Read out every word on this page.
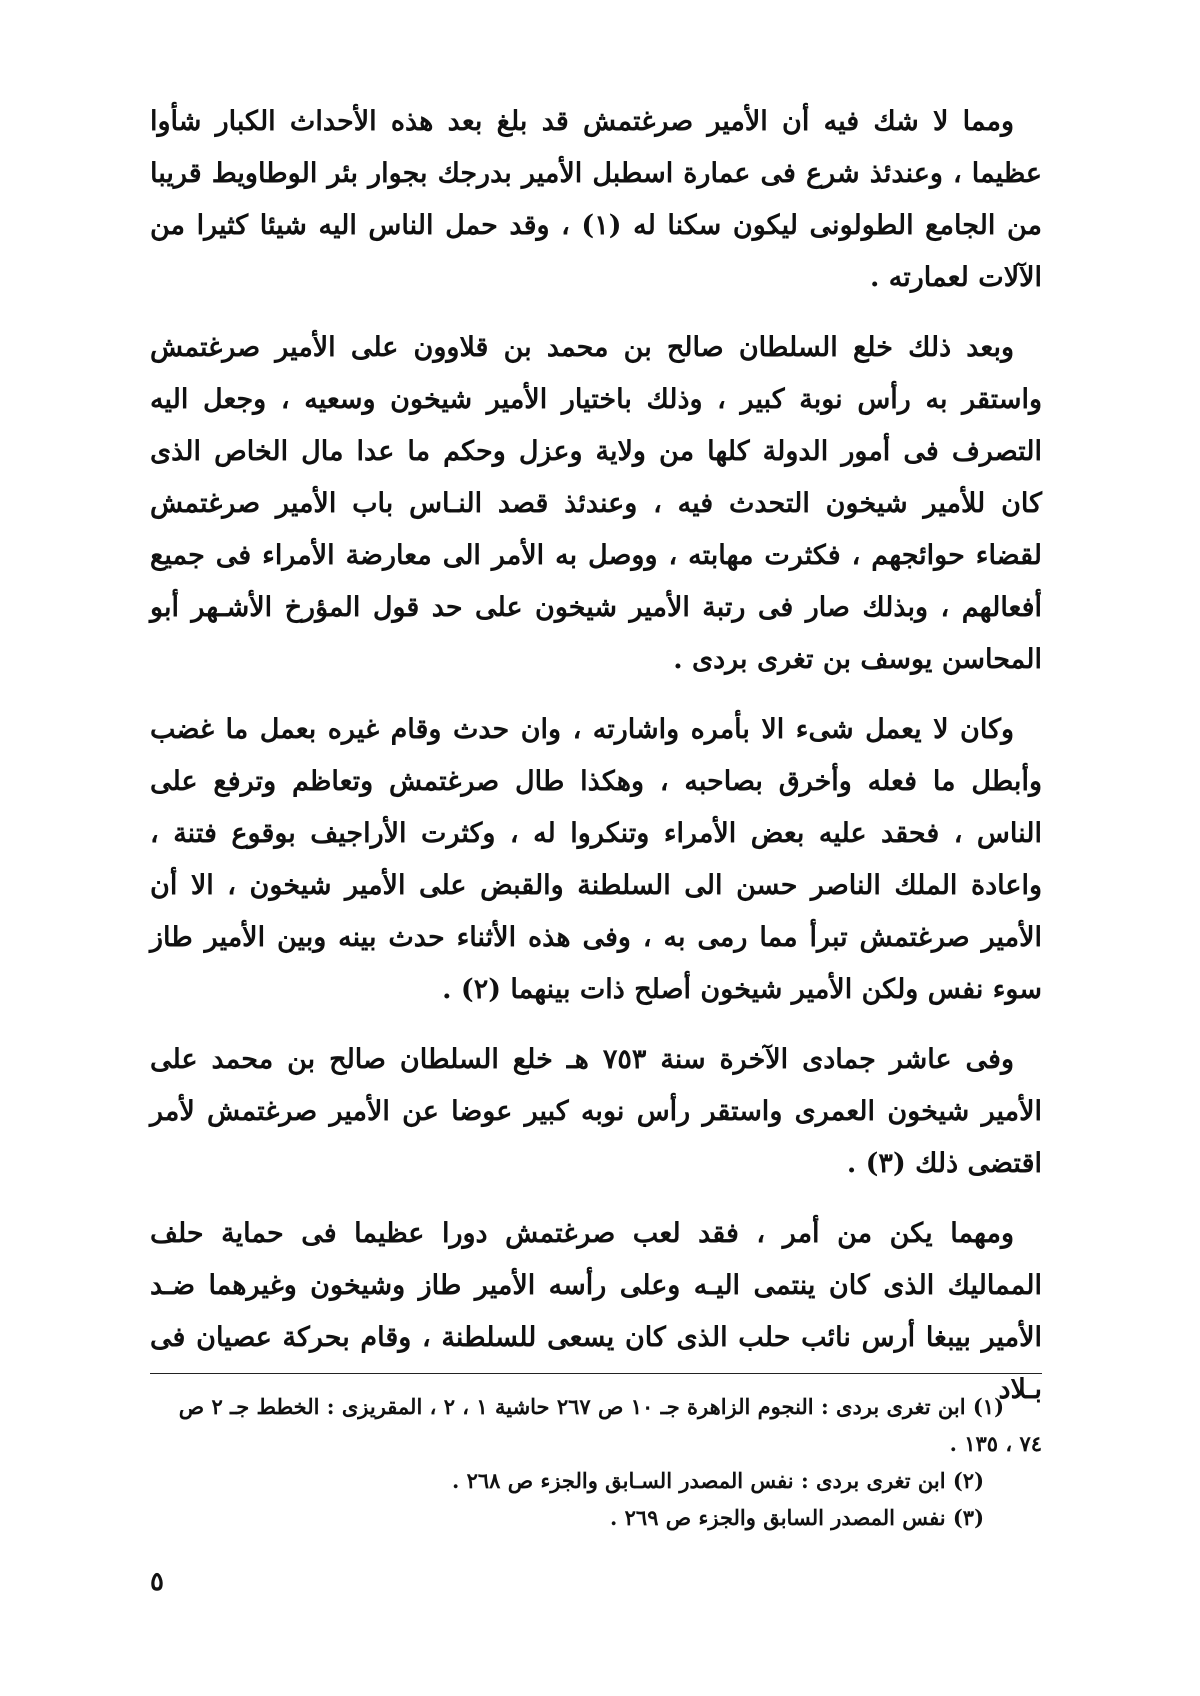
ومما لا شك فيه أن الأمير صرغتمش قد بلغ بعد هذه الأحداث الكبار شأوا عظيما ، وعندئذ شرع فى عمارة اسطبل الأمير بدرجك بجوار بئر الوطاويط قريبا من الجامع الطولونى ليكون سكنا له (١) ، وقد حمل الناس اليه شيئا كثيرا من الآلات لعمارته .

وبعد ذلك خلع السلطان صالح بن محمد بن قلاوون على الأمير صرغتمش واستقر به رأس نوبة كبير ، وذلك باختيار الأمير شيخون وسعيه ، وجعل اليه التصرف فى أمور الدولة كلها من ولاية وعزل وحكم ما عدا مال الخاص الذى كان للأمير شيخون التحدث فيه ، وعندئذ قصد النـاس باب الأمير صرغتمش لقضاء حوائجهم ، فكثرت مهابته ، ووصل به الأمر الى معارضة الأمراء فى جميع أفعالهم ، وبذلك صار فى رتبة الأمير شيخون على حد قول المؤرخ الأشـهر أبو المحاسن يوسف بن تغرى بردى .

وكان لا يعمل شىء الا بأمره واشارته ، وان حدث وقام غيره بعمل ما غضب وأبطل ما فعله وأخرق بصاحبه ، وهكذا طال صرغتمش وتعاظم وترفع على الناس ، فحقد عليه بعض الأمراء وتنكروا له ، وكثرت الأراجيف بوقوع فتنة ، واعادة الملك الناصر حسن الى السلطنة والقبض على الأمير شيخون ، الا أن الأمير صرغتمش تبرأ مما رمى به ، وفى هذه الأثناء حدث بينه وبين الأمير طاز سوء نفس ولكن الأمير شيخون أصلح ذات بينهما (٢) .

وفى عاشر جمادى الآخرة سنة ٧٥٣ هـ خلع السلطان صالح بن محمد على الأمير شيخون العمرى واستقر رأس نوبه كبير عوضا عن الأمير صرغتمش لأمر اقتضى ذلك (٣) .

ومهما يكن من أمر ، فقد لعب صرغتمش دورا عظيما فى حماية حلف المماليك الذى كان ينتمى اليـه وعلى رأسه الأمير طاز وشيخون وغيرهما ضـد الأمير بيبغا أرس نائب حلب الذى كان يسعى للسلطنة ، وقام بحركة عصيان فى بـلاد

(١) ابن تغرى بردى : النجوم الزاهرة جـ ١٠ ص ٢٦٧ حاشية ١ ، ٢ ، المقريزى : الخطط جـ ٢ ص ٧٤ ، ١٣٥ .

(٢) ابن تغرى بردى : نفس المصدر السـابق والجزء ص ٢٦٨ .

(٣) نفس المصدر السابق والجزء ص ٢٦٩ .

٥
